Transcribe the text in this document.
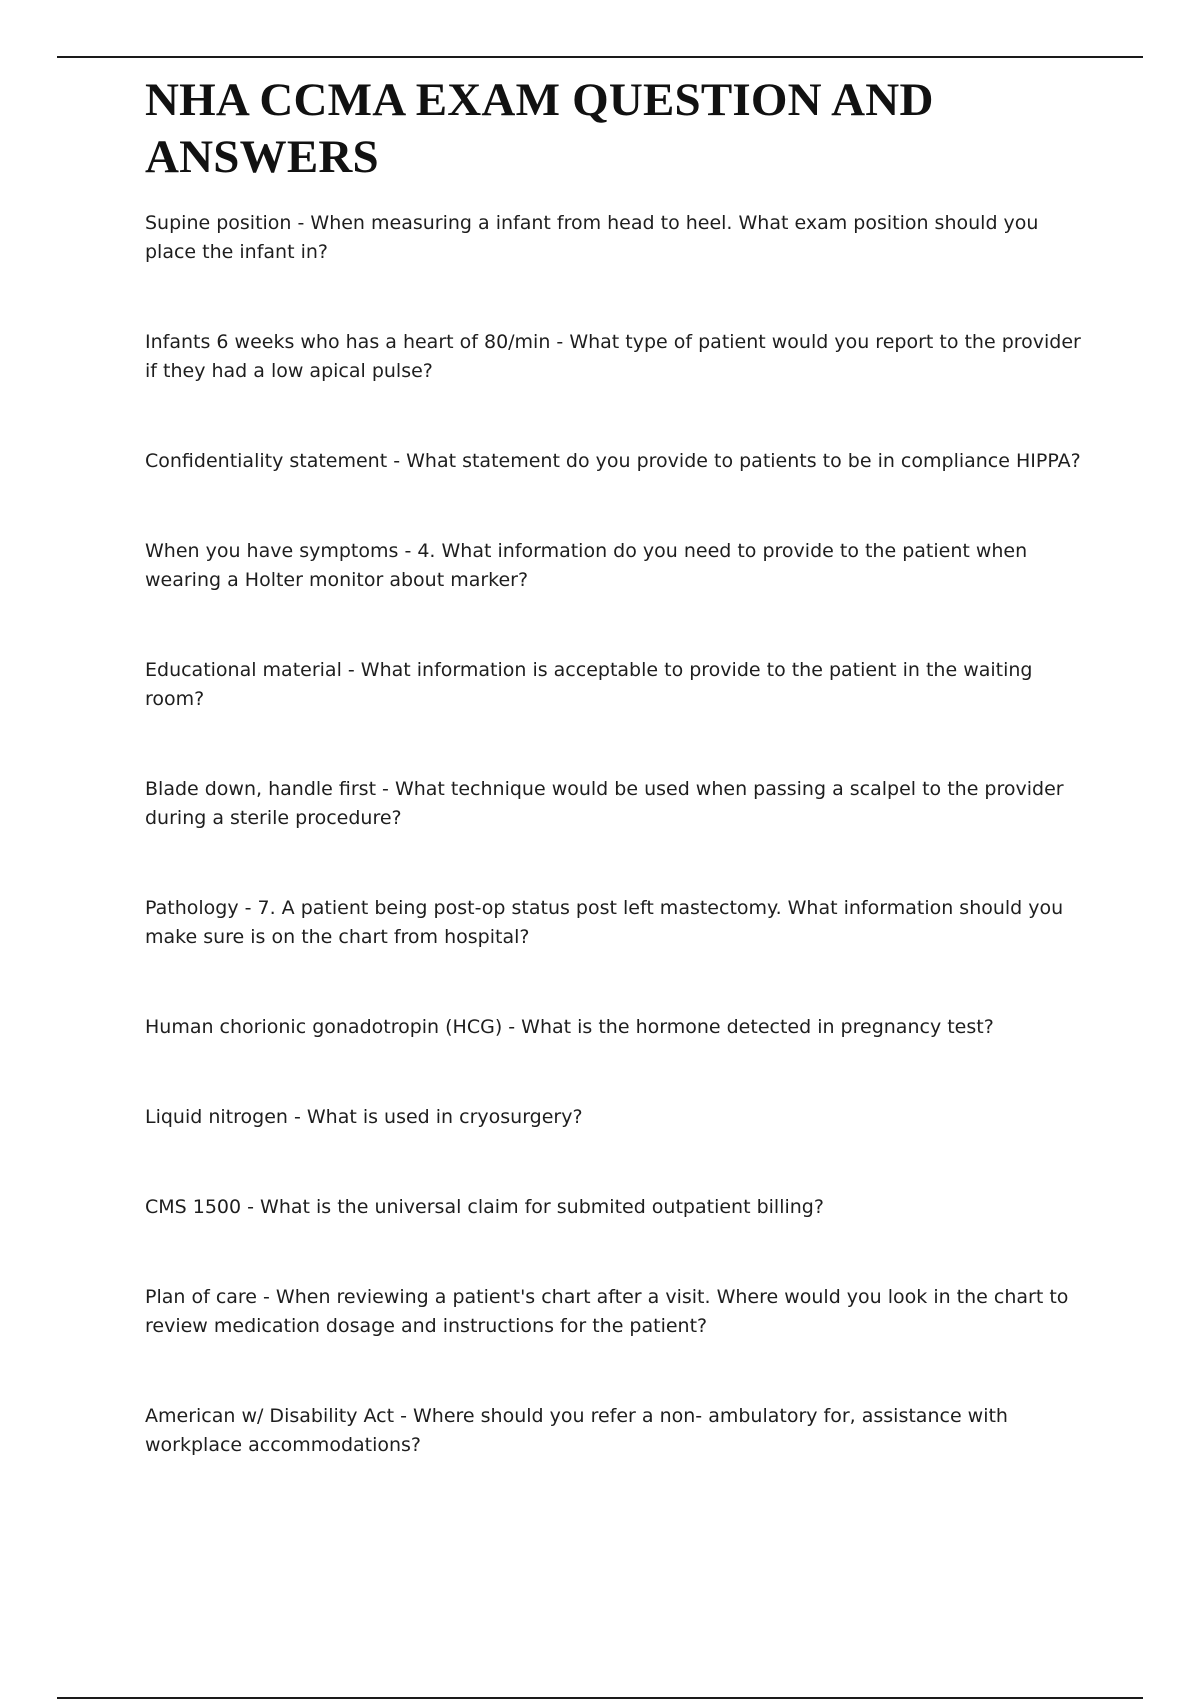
NHA CCMA EXAM QUESTION AND ANSWERS

Supine position - When measuring a infant from head to heel. What exam position should you place the infant in?

Infants 6 weeks who has a heart of 80/min - What type of patient would you report to the provider if they had a low apical pulse?

Confidentiality statement - What statement do you provide to patients to be in compliance HIPPA?

When you have symptoms - 4. What information do you need to provide to the patient when wearing a Holter monitor about marker?

Educational material - What information is acceptable to provide to the patient in the waiting room?

Blade down, handle first - What technique would be used when passing a scalpel to the provider during a sterile procedure?

Pathology - 7. A patient being post-op status post left mastectomy. What information should you make sure is on the chart from hospital?

Human chorionic gonadotropin (HCG) - What is the hormone detected in pregnancy test?

Liquid nitrogen - What is used in cryosurgery?

CMS 1500 - What is the universal claim for submited outpatient billing?

Plan of care - When reviewing a patient's chart after a visit. Where would you look in the chart to review medication dosage and instructions for the patient?

American w/ Disability Act - Where should you refer a non- ambulatory for, assistance with workplace accommodations?
